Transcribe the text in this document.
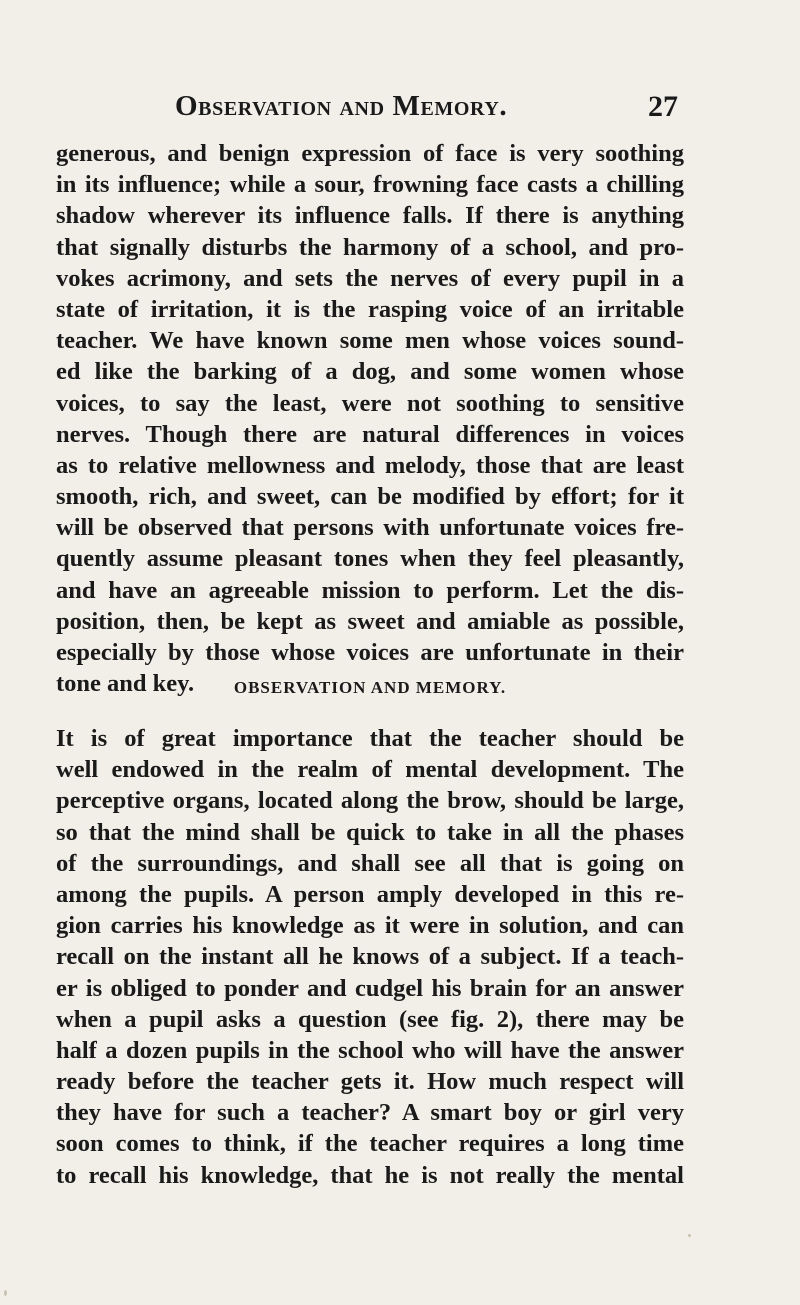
Observation and Memory.	27
generous, and benign expression of face is very soothing
in its influence; while a sour, frowning face casts a chilling
shadow wherever its influence falls. If there is anything
that signally disturbs the harmony of a school, and pro-
vokes acrimony, and sets the nerves of every pupil in a
state of irritation, it is the rasping voice of an irritable
teacher. We have known some men whose voices sound-
ed like the barking of a dog, and some women whose
voices, to say the least, were not soothing to sensitive
nerves. Though there are natural differences in voices
as to relative mellowness and melody, those that are least
smooth, rich, and sweet, can be modified by effort; for it
will be observed that persons with unfortunate voices fre-
quently assume pleasant tones when they feel pleasantly,
and have an agreeable mission to perform. Let the dis-
position, then, be kept as sweet and amiable as possible,
especially by those whose voices are unfortunate in their
tone and key.	OBSERVATION AND MEMORY.
It is of great importance that the teacher should be
well endowed in the realm of mental development. The
perceptive organs, located along the brow, should be large,
so that the mind shall be quick to take in all the phases
of the surroundings, and shall see all that is going on
among the pupils. A person amply developed in this re-
gion carries his knowledge as it were in solution, and can
recall on the instant all he knows of a subject. If a teach-
er is obliged to ponder and cudgel his brain for an answer
when a pupil asks a question (see fig. 2), there may be
half a dozen pupils in the school who will have the answer
ready before the teacher gets it. How much respect will
they have for such a teacher? A smart boy or girl very
soon comes to think, if the teacher requires a long time
to recall his knowledge, that he is not really the mental
